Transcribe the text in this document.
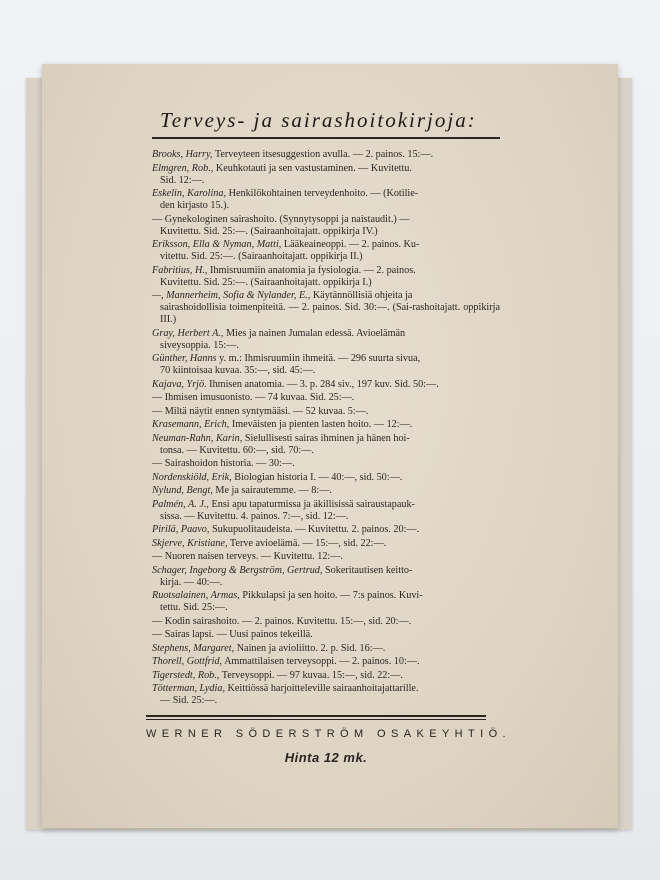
Terveys- ja sairashoitokirjoja:
Brooks, Harry, Terveyteen itsesuggestion avulla. — 2. painos. 15:—.
Elmgren, Rob., Keuhkotauti ja sen vastustaminen. — Kuvitettu.
Sid. 12:—.
Eskelin, Karolina, Henkilökohtainen terveydenhoito. — (Kotilie-
den kirjasto 15.).
— Gynekologinen sairashoito. (Synnytysoppi ja naistaudit.) —
Kuvitettu. Sid. 25:—. (Sairaanhoitajatt. oppikirja IV.)
Eriksson, Ella & Nyman, Matti, Lääkeaineoppi. — 2. painos. Ku-
vitettu. Sid. 25:—. (Sairaanhoitajatt. oppikirja II.)
Fabritius, H., Ihmisruumiin anatomia ja fysiologia. — 2. painos.
Kuvitettu. Sid. 25:—. (Sairaanhoitajatt. oppikirja I.)
—, Mannerheim, Sofia & Nylander, E., Käytännöllisiä ohjeita ja
sairashoidollisia toimenpiteitä. — 2. painos. Sid. 30:—. (Sai-rashoitajatt. oppikirja III.)
Gray, Herbert A., Mies ja nainen Jumalan edessä. Avioelämän
siveysoppia. 15:—.
Günther, Hanns y. m.: Ihmisruumiin ihmeitä. — 296 suurta sivua,
70 kiintoisaa kuvaa. 35:—, sid. 45:—.
Kajava, Yrjö. Ihmisen anatomia. — 3. p. 284 siv., 197 kuv. Sid. 50:—.
— Ihmisen imusuonisto. — 74 kuvaa. Sid. 25:—.
— Miltä näytit ennen syntymääsi. — 52 kuvaa. 5:—.
Krasemann, Erich, Imeväisten ja pienten lasten hoito. — 12:—.
Neuman-Rahn, Karin, Sielullisesti sairas ihminen ja hänen hoi-
tonsa. — Kuvitettu. 60:—, sid. 70:—.
— Sairashoidon historia. — 30:—.
Nordenskiöld, Erik, Biologian historia I. — 40:—, sid. 50:—.
Nylund, Bengt, Me ja sairautemme. — 8:—.
Palmén, A. J., Ensi apu tapaturmissa ja äkillisissä sairaustapauk-
sissa. — Kuvitettu. 4. painos. 7:—, sid. 12:—.
Pirilä, Paavo, Sukupuolitaudeista. — Kuvitettu. 2. painos. 20:—.
Skjerve, Kristiane, Terve avioelämä. — 15:—, sid. 22:—.
— Nuoren naisen terveys. — Kuvitettu. 12:—.
Schager, Ingeborg & Bergström, Gertrud, Sokeritautisen keitto-
kirja. — 40:—.
Ruotsalainen, Armas, Pikkulapsi ja sen hoito. — 7:s painos. Kuvi-
tettu. Sid. 25:—.
— Kodin sairashoito. — 2. painos. Kuvitettu. 15:—, sid. 20:—.
— Sairas lapsi. — Uusi painos tekeillä.
Stephens, Margaret, Nainen ja avioliitto. 2. p. Sid. 16:—.
Thorell, Gottfrid, Ammattilaisen terveysoppi. — 2. painos. 10:—.
Tigerstedt, Rob., Terveysoppi. — 97 kuvaa. 15:—, sid. 22:—.
Tötterman, Lydia, Keittiössä harjoitteleville sairaanhoitajattarille.
— Sid. 25:—.
WERNER SÖDERSTRÖM OSAKEYHTIÖ.
Hinta 12 mk.
